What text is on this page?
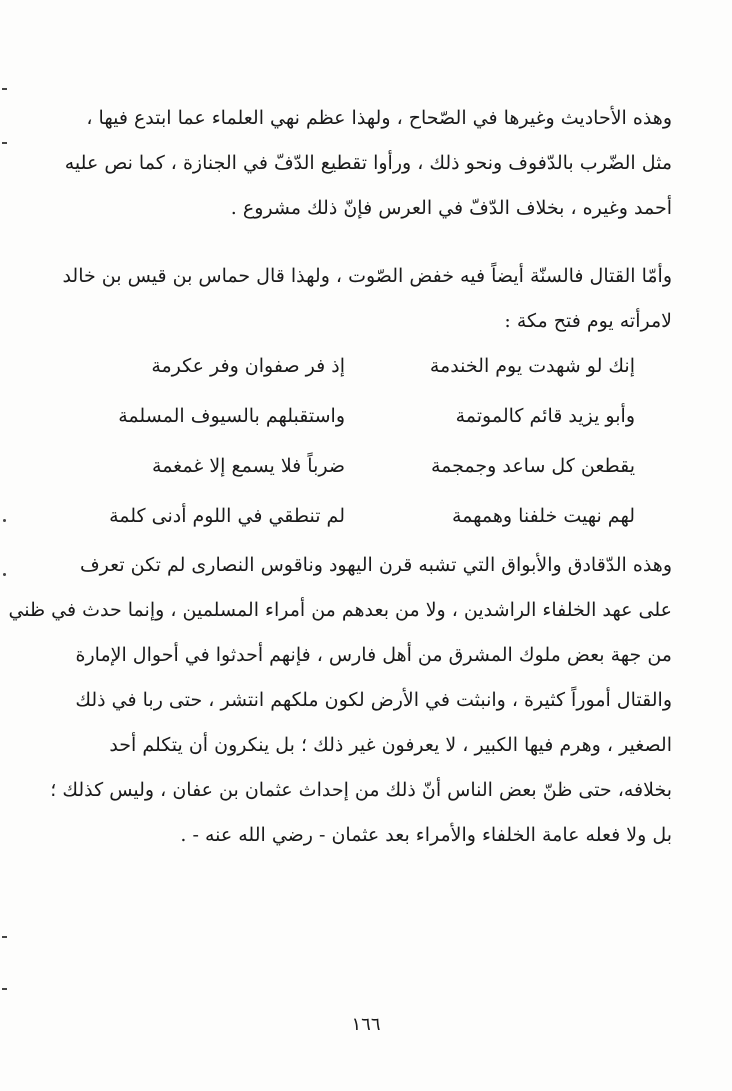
وهذه الأحاديث وغيرها في الصّحاح ، ولهذا عظم نهي العلماء عما ابتدع فيها ،
مثل الضّرب بالدّفوف ونحو ذلك ، ورأوا تقطيع الدّفّ في الجنازة ، كما نص عليه
أحمد وغيره ، بخلاف الدّفّ في العرس فإنّ ذلك مشروع .
وأمّا القتال فالسنّة أيضاً فيه خفض الصّوت ، ولهذا قال حماس بن قيس بن خالد
لامرأته يوم فتح مكة :
إنك لو شهدت يوم الخندمة
إذ فر صفوان وفر عكرمة
وأبو يزيد قائم كالموتمة
واستقبلهم بالسيوف المسلمة
يقطعن كل ساعد وجمجمة
ضرباً فلا يسمع إلا غمغمة
لهم نهيت خلفنا وهمهمة
لم تنطقي في اللوم أدنى كلمة
وهذه الدّقادق والأبواق التي تشبه قرن اليهود وناقوس النصارى لم تكن تعرف
على عهد الخلفاء الراشدين ، ولا من بعدهم من أمراء المسلمين ، وإنما حدث في ظني
من جهة بعض ملوك المشرق من أهل فارس ، فإنهم أحدثوا في أحوال الإمارة
والقتال أموراً كثيرة ، وانبثت في الأرض لكون ملكهم انتشر ، حتى ربا في ذلك
الصغير ، وهرم فيها الكبير ، لا يعرفون غير ذلك ؛ بل ينكرون أن يتكلم أحد
بخلافه، حتى ظنّ بعض الناس أنّ ذلك من إحداث عثمان بن عفان ، وليس كذلك ؛
بل ولا فعله عامة الخلفاء والأمراء بعد عثمان - رضي الله عنه - .
١٦٦
